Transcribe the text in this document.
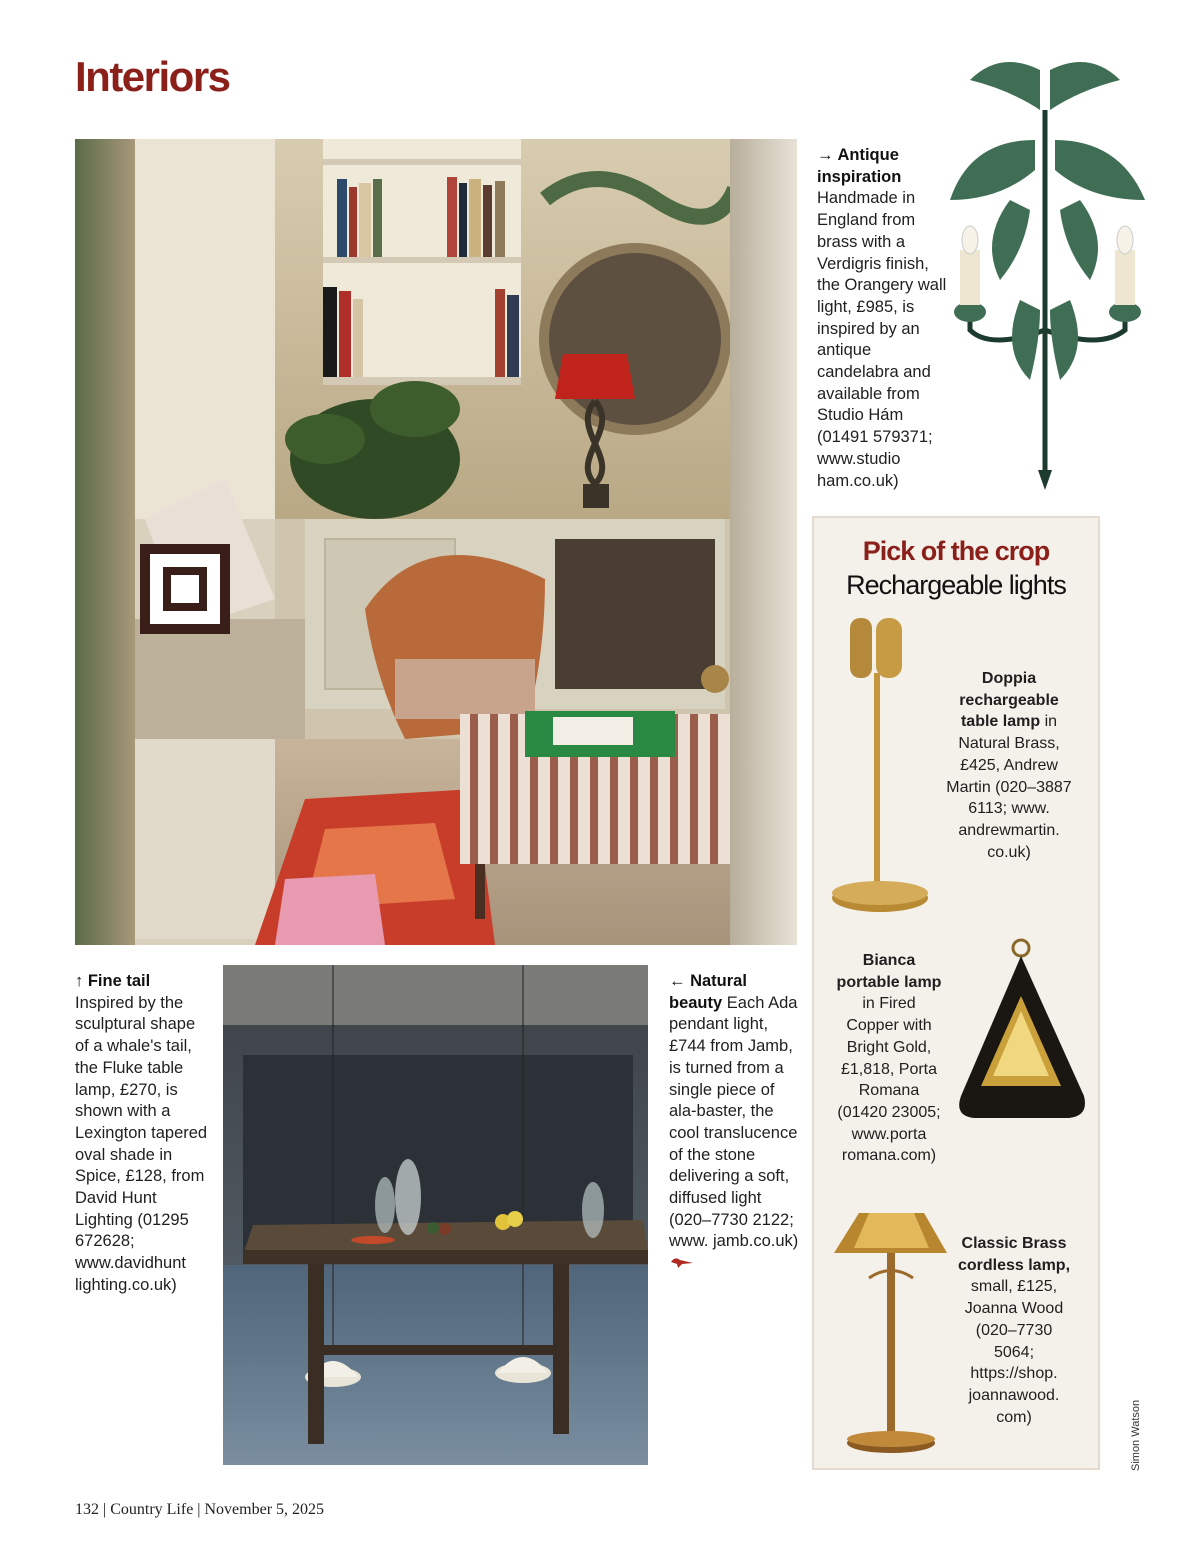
Interiors

→ Antique inspiration Handmade in England from brass with a Verdigris finish, the Orangery wall light, £985, is inspired by an antique candelabra and available from Studio Hám (01491 579371; www.studio ham.co.uk)

Pick of the crop
Rechargeable lights
Doppia rechargeable table lamp in Natural Brass, £425, Andrew Martin (020–3887 6113; www. andrewmartin. co.uk)
Bianca portable lamp in Fired Copper with Bright Gold, £1,818, Porta Romana (01420 23005; www.porta romana.com)
Classic Brass cordless lamp, small, £125, Joanna Wood (020–7730 5064; https://shop. joannawood. com)

↑ Fine tail Inspired by the sculptural shape of a whale's tail, the Fluke table lamp, £270, is shown with a Lexington tapered oval shade in Spice, £128, from David Hunt Lighting (01295 672628; www.davidhunt lighting.co.uk)

← Natural beauty Each Ada pendant light, £744 from Jamb, is turned from a single piece of ala-baster, the cool translucence of the stone delivering a soft, diffused light (020–7730 2122; www. jamb.co.uk)

132 | Country Life | November 5, 2025
Simon Watson
